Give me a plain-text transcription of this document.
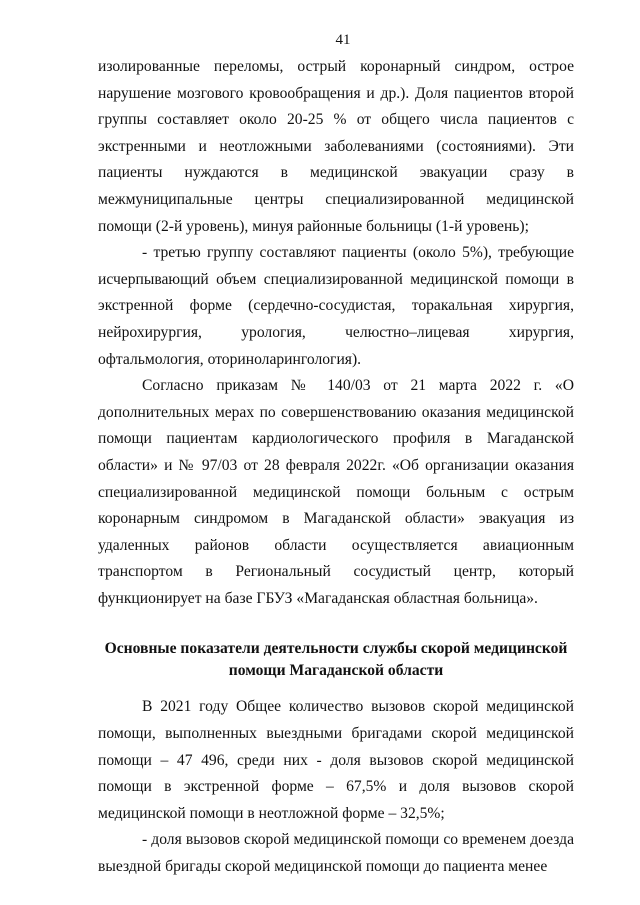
41

изолированные переломы, острый коронарный синдром, острое нарушение мозгового кровообращения и др.). Доля пациентов второй группы составляет около 20-25 % от общего числа пациентов с экстренными и неотложными заболеваниями (состояниями). Эти пациенты нуждаются в медицинской эвакуации сразу в межмуниципальные центры специализированной медицинской помощи (2-й уровень), минуя районные больницы (1-й уровень);

- третью группу составляют пациенты (около 5%), требующие исчерпывающий объем специализированной медицинской помощи в экстренной форме (сердечно-сосудистая, торакальная хирургия, нейрохирургия, урология, челюстно–лицевая хирургия, офтальмология, оториноларингология).

Согласно приказам № 140/03 от 21 марта 2022 г. «О дополнительных мерах по совершенствованию оказания медицинской помощи пациентам кардиологического профиля в Магаданской области» и № 97/03 от 28 февраля 2022г. «Об организации оказания специализированной медицинской помощи больным с острым коронарным синдромом в Магаданской области» эвакуация из удаленных районов области осуществляется авиационным транспортом в Региональный сосудистый центр, который функционирует на базе ГБУЗ «Магаданская областная больница».

Основные показатели деятельности службы скорой медицинской помощи Магаданской области

В 2021 году Общее количество вызовов скорой медицинской помощи, выполненных выездными бригадами скорой медицинской помощи – 47 496, среди них - доля вызовов скорой медицинской помощи в экстренной форме – 67,5% и доля вызовов скорой медицинской помощи в неотложной форме – 32,5%;

- доля вызовов скорой медицинской помощи со временем доезда выездной бригады скорой медицинской помощи до пациента менее
